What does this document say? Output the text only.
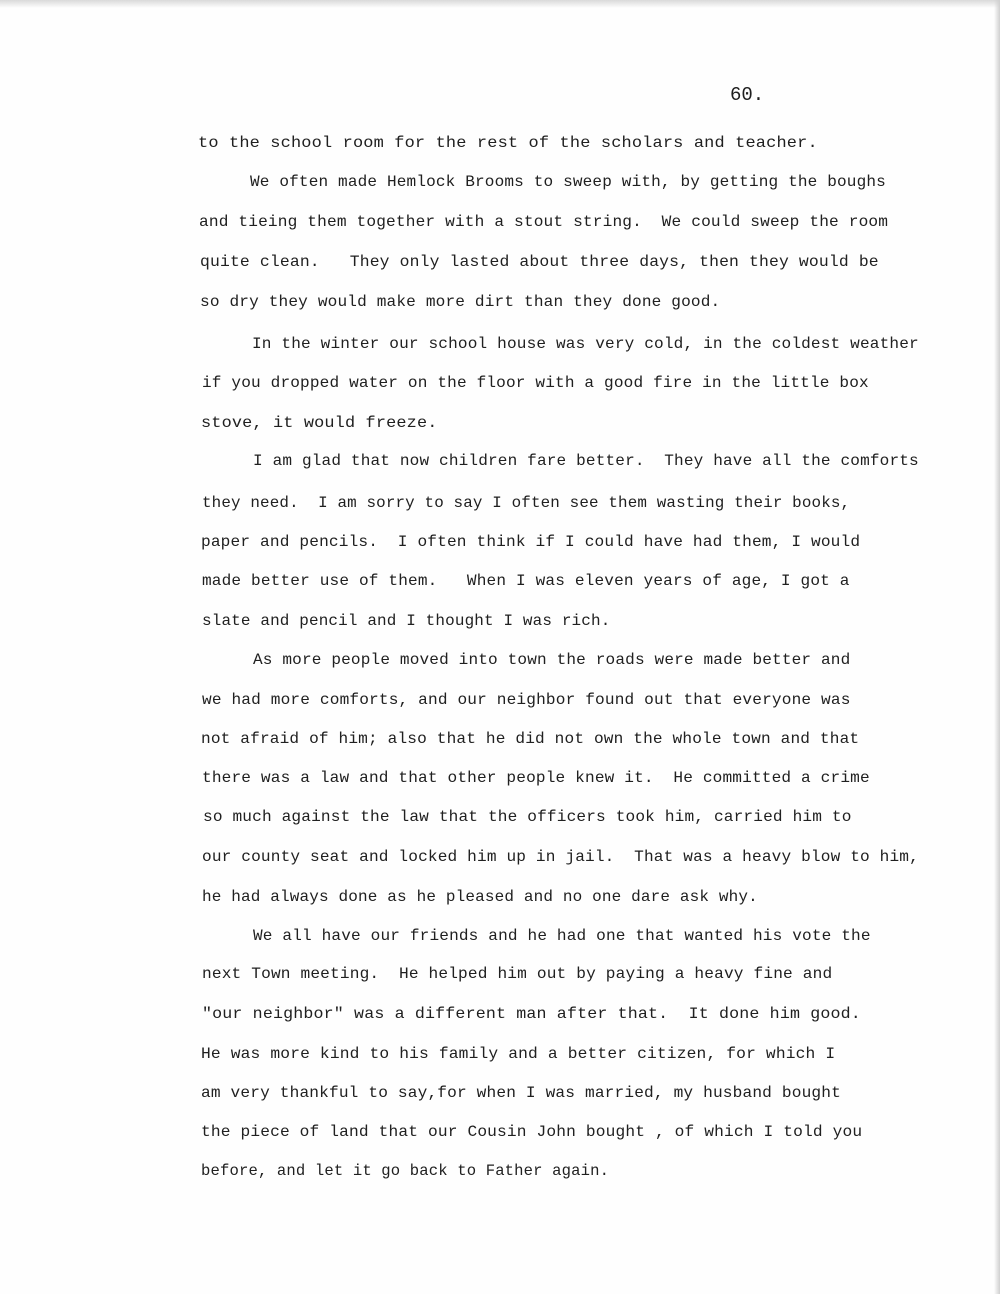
60.
to the school room for the rest of the scholars and teacher.
We often made Hemlock Brooms to sweep with, by getting the boughs
and tieing them together with a stout string.  We could sweep the room
quite clean.   They only lasted about three days, then they would be
so dry they would make more dirt than they done good.
In the winter our school house was very cold, in the coldest weather
if you dropped water on the floor with a good fire in the little box
stove, it would freeze.
I am glad that now children fare better.  They have all the comforts
they need.  I am sorry to say I often see them wasting their books,
paper and pencils.  I often think if I could have had them, I would
made better use of them.   When I was eleven years of age, I got a
slate and pencil and I thought I was rich.
As more people moved into town the roads were made better and
we had more comforts, and our neighbor found out that everyone was
not afraid of him; also that he did not own the whole town and that
there was a law and that other people knew it.  He committed a crime
so much against the law that the officers took him, carried him to
our county seat and locked him up in jail.  That was a heavy blow to him,
he had always done as he pleased and no one dare ask why.
We all have our friends and he had one that wanted his vote the
next Town meeting.  He helped him out by paying a heavy fine and
"our neighbor" was a different man after that.  It done him good.
He was more kind to his family and a better citizen, for which I
am very thankful to say,for when I was married, my husband bought
the piece of land that our Cousin John bought , of which I told you
before, and let it go back to Father again.
